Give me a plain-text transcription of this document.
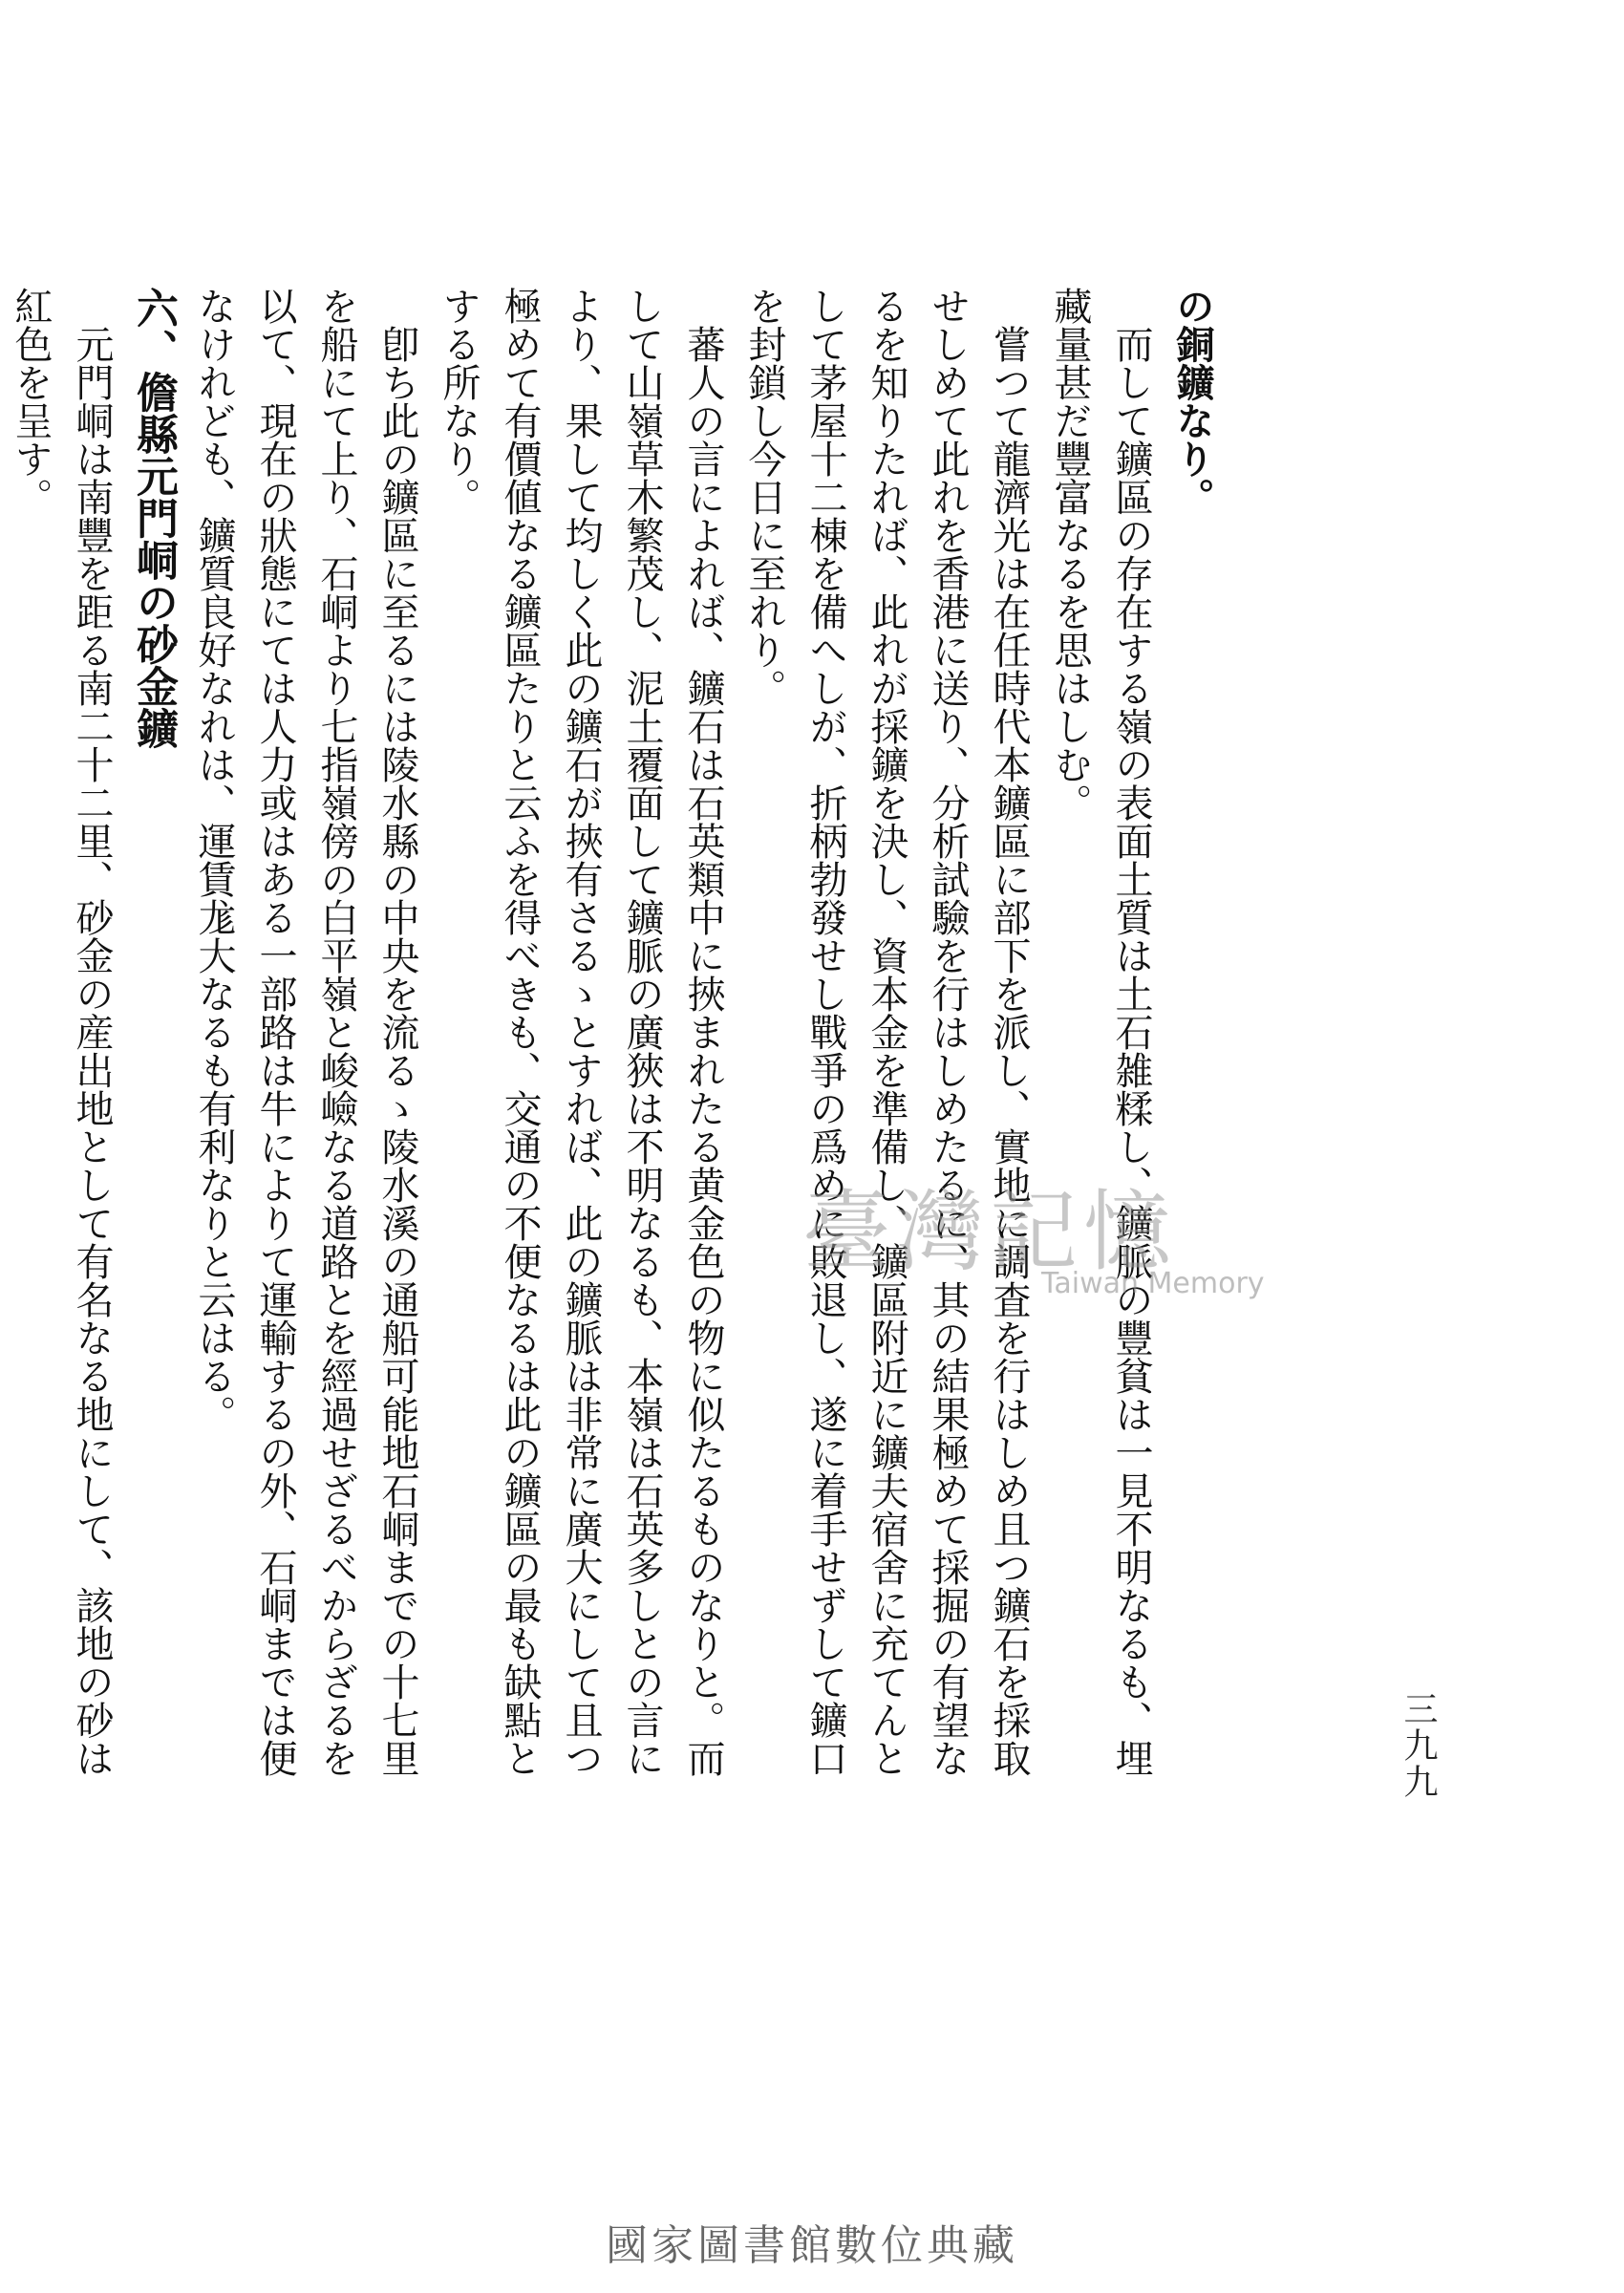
の銅鑛なり。

而して鑛區の存在する嶺の表面土質は土石雑糅し、鑛脈の豐貧は一見不明なるも、埋藏量甚だ豐富なるを思はしむ。

嘗つて龍濟光は在任時代本鑛區に部下を派し、實地に調査を行はしめ且つ鑛石を採取せしめて此れを香港に送り、分析試驗を行はしめたるに、其の結果極めて採掘の有望なるを知りたれば、此れが採鑛を決し、資本金を準備し、鑛區附近に鑛夫宿舍に充てんとして茅屋十二棟を備へしが、折柄勃發せし戰爭の爲めに敗退し、遂に着手せずして鑛口を封鎖し今日に至れり。

蕃人の言によれば、鑛石は石英類中に挾まれたる黄金色の物に似たるものなりと。而して山嶺草木繁茂し、泥土覆面して鑛脈の廣狹は不明なるも、本嶺は石英多しとの言により、果して均しく此の鑛石が挾有さるゝとすれば、此の鑛脈は非常に廣大にして且つ極めて有價値なる鑛區たりと云ふを得べきも、交通の不便なるは此の鑛區の最も缺點とする所なり。

卽ち此の鑛區に至るには陵水縣の中央を流るゝ陵水溪の通船可能地石峒までの十七里を船にて上り、石峒より七指嶺傍の白平嶺と峻嶮なる道路とを經過せざるべからざるを以て、現在の狀態にては人力或はある一部路は牛によりて運輸するの外、石峒までは便なけれども、鑛質良好なれは、運賃尨大なるも有利なりと云はる。

六、儋縣元門峒の砂金鑛

元門峒は南豐を距る南二十二里、砂金の産出地として有名なる地にして、該地の砂は紅色を呈す。

三九九
臺灣記憶
Taiwan Memory
國家圖書館數位典藏
